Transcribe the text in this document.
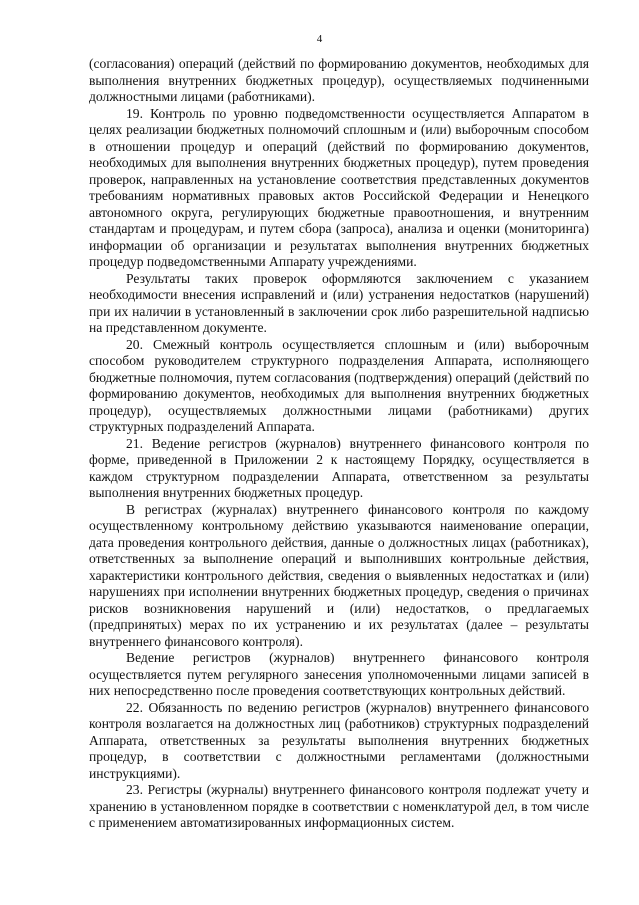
4

(согласования) операций (действий по формированию документов, необходимых для выполнения внутренних бюджетных процедур), осуществляемых подчиненными должностными лицами (работниками).

19. Контроль по уровню подведомственности осуществляется Аппаратом в целях реализации бюджетных полномочий сплошным и (или) выборочным способом в отношении процедур и операций (действий по формированию документов, необходимых для выполнения внутренних бюджетных процедур), путем проведения проверок, направленных на установление соответствия представленных документов требованиям нормативных правовых актов Российской Федерации и Ненецкого автономного округа, регулирующих бюджетные правоотношения, и внутренним стандартам и процедурам, и путем сбора (запроса), анализа и оценки (мониторинга) информации об организации и результатах выполнения внутренних бюджетных процедур подведомственными Аппарату учреждениями.

Результаты таких проверок оформляются заключением с указанием необходимости внесения исправлений и (или) устранения недостатков (нарушений) при их наличии в установленный в заключении срок либо разрешительной надписью на представленном документе.

20. Смежный контроль осуществляется сплошным и (или) выборочным способом руководителем структурного подразделения Аппарата, исполняющего бюджетные полномочия, путем согласования (подтверждения) операций (действий по формированию документов, необходимых для выполнения внутренних бюджетных процедур), осуществляемых должностными лицами (работниками) других структурных подразделений Аппарата.

21. Ведение регистров (журналов) внутреннего финансового контроля по форме, приведенной в Приложении 2 к настоящему Порядку, осуществляется в каждом структурном подразделении Аппарата, ответственном за результаты выполнения внутренних бюджетных процедур.

В регистрах (журналах) внутреннего финансового контроля по каждому осуществленному контрольному действию указываются наименование операции, дата проведения контрольного действия, данные о должностных лицах (работниках), ответственных за выполнение операций и выполнивших контрольные действия, характеристики контрольного действия, сведения о выявленных недостатках и (или) нарушениях при исполнении внутренних бюджетных процедур, сведения о причинах рисков возникновения нарушений и (или) недостатков, о предлагаемых (предпринятых) мерах по их устранению и их результатах (далее – результаты внутреннего финансового контроля).

Ведение регистров (журналов) внутреннего финансового контроля осуществляется путем регулярного занесения уполномоченными лицами записей в них непосредственно после проведения соответствующих контрольных действий.

22. Обязанность по ведению регистров (журналов) внутреннего финансового контроля возлагается на должностных лиц (работников) структурных подразделений Аппарата, ответственных за результаты выполнения внутренних бюджетных процедур, в соответствии с должностными регламентами (должностными инструкциями).

23. Регистры (журналы) внутреннего финансового контроля подлежат учету и хранению в установленном порядке в соответствии с номенклатурой дел, в том числе с применением автоматизированных информационных систем.
